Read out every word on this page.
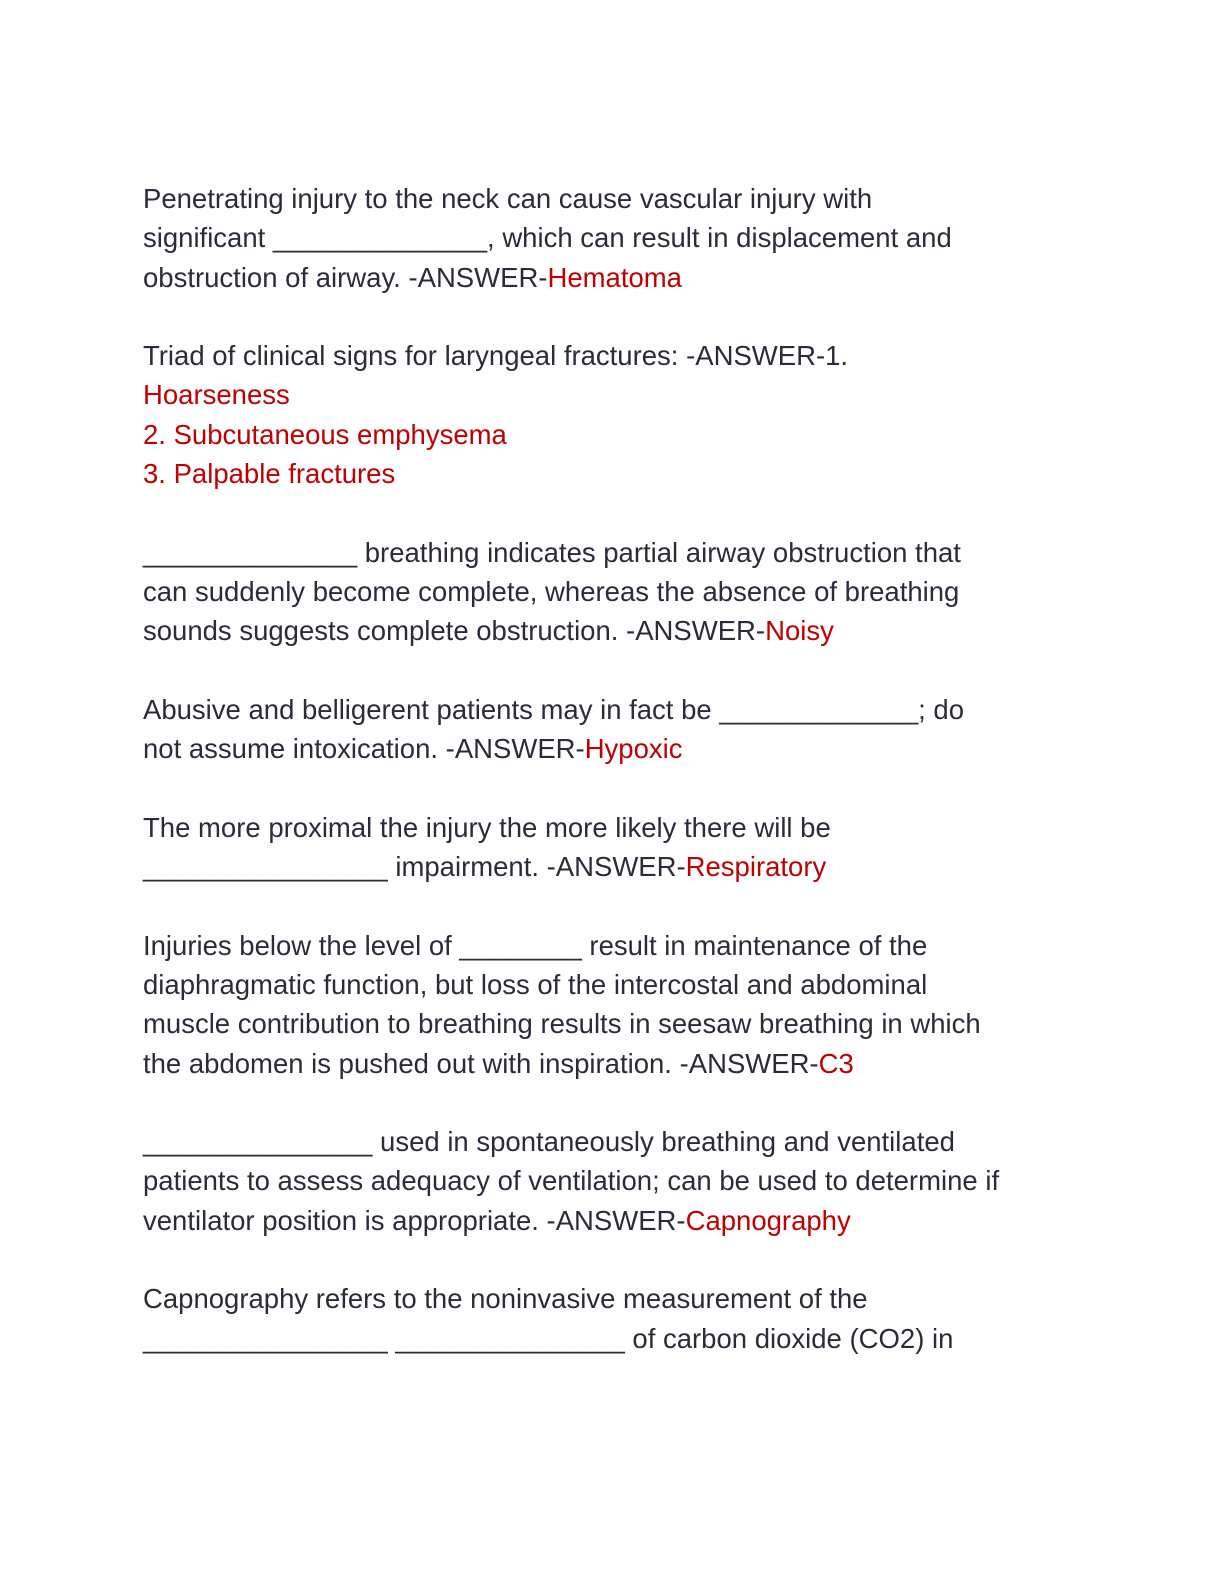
Penetrating injury to the neck can cause vascular injury with
significant ______________, which can result in displacement and
obstruction of airway. -ANSWER-Hematoma
Triad of clinical signs for laryngeal fractures: -ANSWER-1.
Hoarseness
2. Subcutaneous emphysema
3. Palpable fractures
______________ breathing indicates partial airway obstruction that
can suddenly become complete, whereas the absence of breathing
sounds suggests complete obstruction. -ANSWER-Noisy
Abusive and belligerent patients may in fact be _____________; do
not assume intoxication. -ANSWER-Hypoxic
The more proximal the injury the more likely there will be
________________ impairment. -ANSWER-Respiratory
Injuries below the level of ________ result in maintenance of the
diaphragmatic function, but loss of the intercostal and abdominal
muscle contribution to breathing results in seesaw breathing in which
the abdomen is pushed out with inspiration. -ANSWER-C3
_______________ used in spontaneously breathing and ventilated
patients to assess adequacy of ventilation; can be used to determine if
ventilator position is appropriate. -ANSWER-Capnography
Capnography refers to the noninvasive measurement of the
________________ _______________ of carbon dioxide (CO2) in
